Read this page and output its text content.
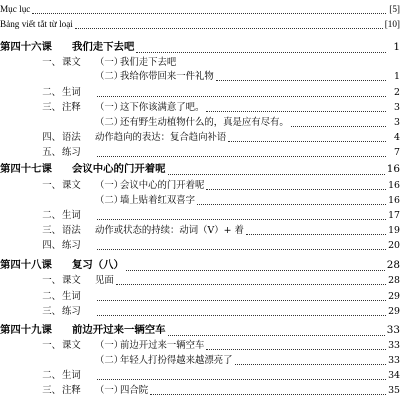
Mục lục	[5]
Bảng viết tắt từ loại	[10]
第四十六课 我们走下去吧	1
一、课文 （一）我们走下去吧
（二）我给你带回来一件礼物	1
二、生词	2
三、注释 （一）这下你该满意了吧。	3
（二）还有野生动植物什么的，真是应有尽有。	3
四、语法 动作趋向的表达：复合趋向补语	4
五、练习	7
第四十七课 会议中心的门开着呢	16
一、课文 （一）会议中心的门开着呢	16
（二）墙上贴着红双喜字	16
二、生词	17
三、语法 动作或状态的持续：动词（V）+ 着	19
四、练习	20
第四十八课 复习（八）	28
一、课文 见面	28
二、生词	29
三、练习	29
第四十九课 前边开过来一辆空车	33
一、课文 （一）前边开过来一辆空车	33
（二）年轻人打扮得越来越漂亮了	33
二、生词	34
三、注释 （一）四合院	35
